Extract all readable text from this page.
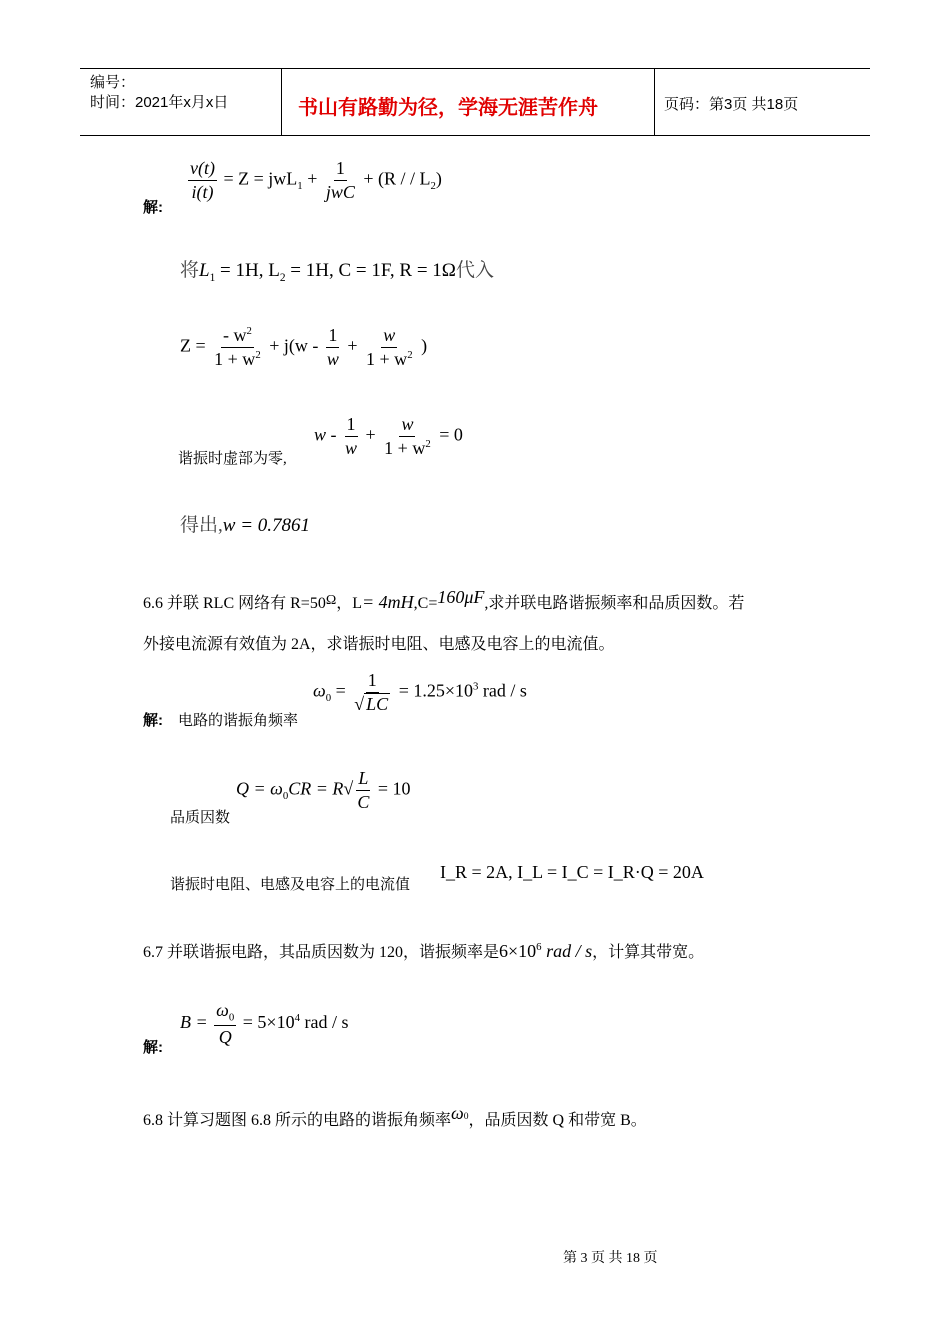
编号：
时间：2021年x月x日	书山有路勤为径，学海无涯苦作舟	页码：第3页 共18页
解:
$\frac{v(t)}{i(t)} = Z = jwL_1 + \frac{1}{\text{jwC}} + (R$ / / $L_2$)
将$L_1 = 1H$, $L_2 = 1H$, C = 1F, R = 1Ω代入
$Z = \frac{- w^2}{1 + w^2} + j(w - \frac{1}{w} + \frac{w}{1 + w^2}$ )
谐振时虚部为零,
$w - \frac{1}{w} + \frac{w}{1 + w^2} = 0$
得出,w = 0.7861
6.6 并联 RLC 网络有 R=50Ω，L= 4mH,C=160μF,求并联电路谐振频率和品质因数。若
外接电流源有效值为 2A，求谐振时电阻、电感及电容上的电流值。
解: 电路的谐振角频率
$\omega_0 = \frac{1}{√ LC} = 1.25\times 10^3$ rad / s
品质因数
$Q = \omega_0CR = R√ \frac{L}{C} = 10$
谐振时电阻、电感及电容上的电流值
I_R = 2A, I_L = I_C = I_R·Q = 20A
6.7 并联谐振电路，其品质因数为 120，谐振频率是$6\times 10^6$ rad / s，计算其带宽。
解:
$B = \frac{\omega_0}{Q} = 5\times 10^4$ rad / s
6.8 计算习题图 6.8 所示的电路的谐振角频率$\omega_0$，品质因数 Q 和带宽 B。
第 3 页 共 18 页
